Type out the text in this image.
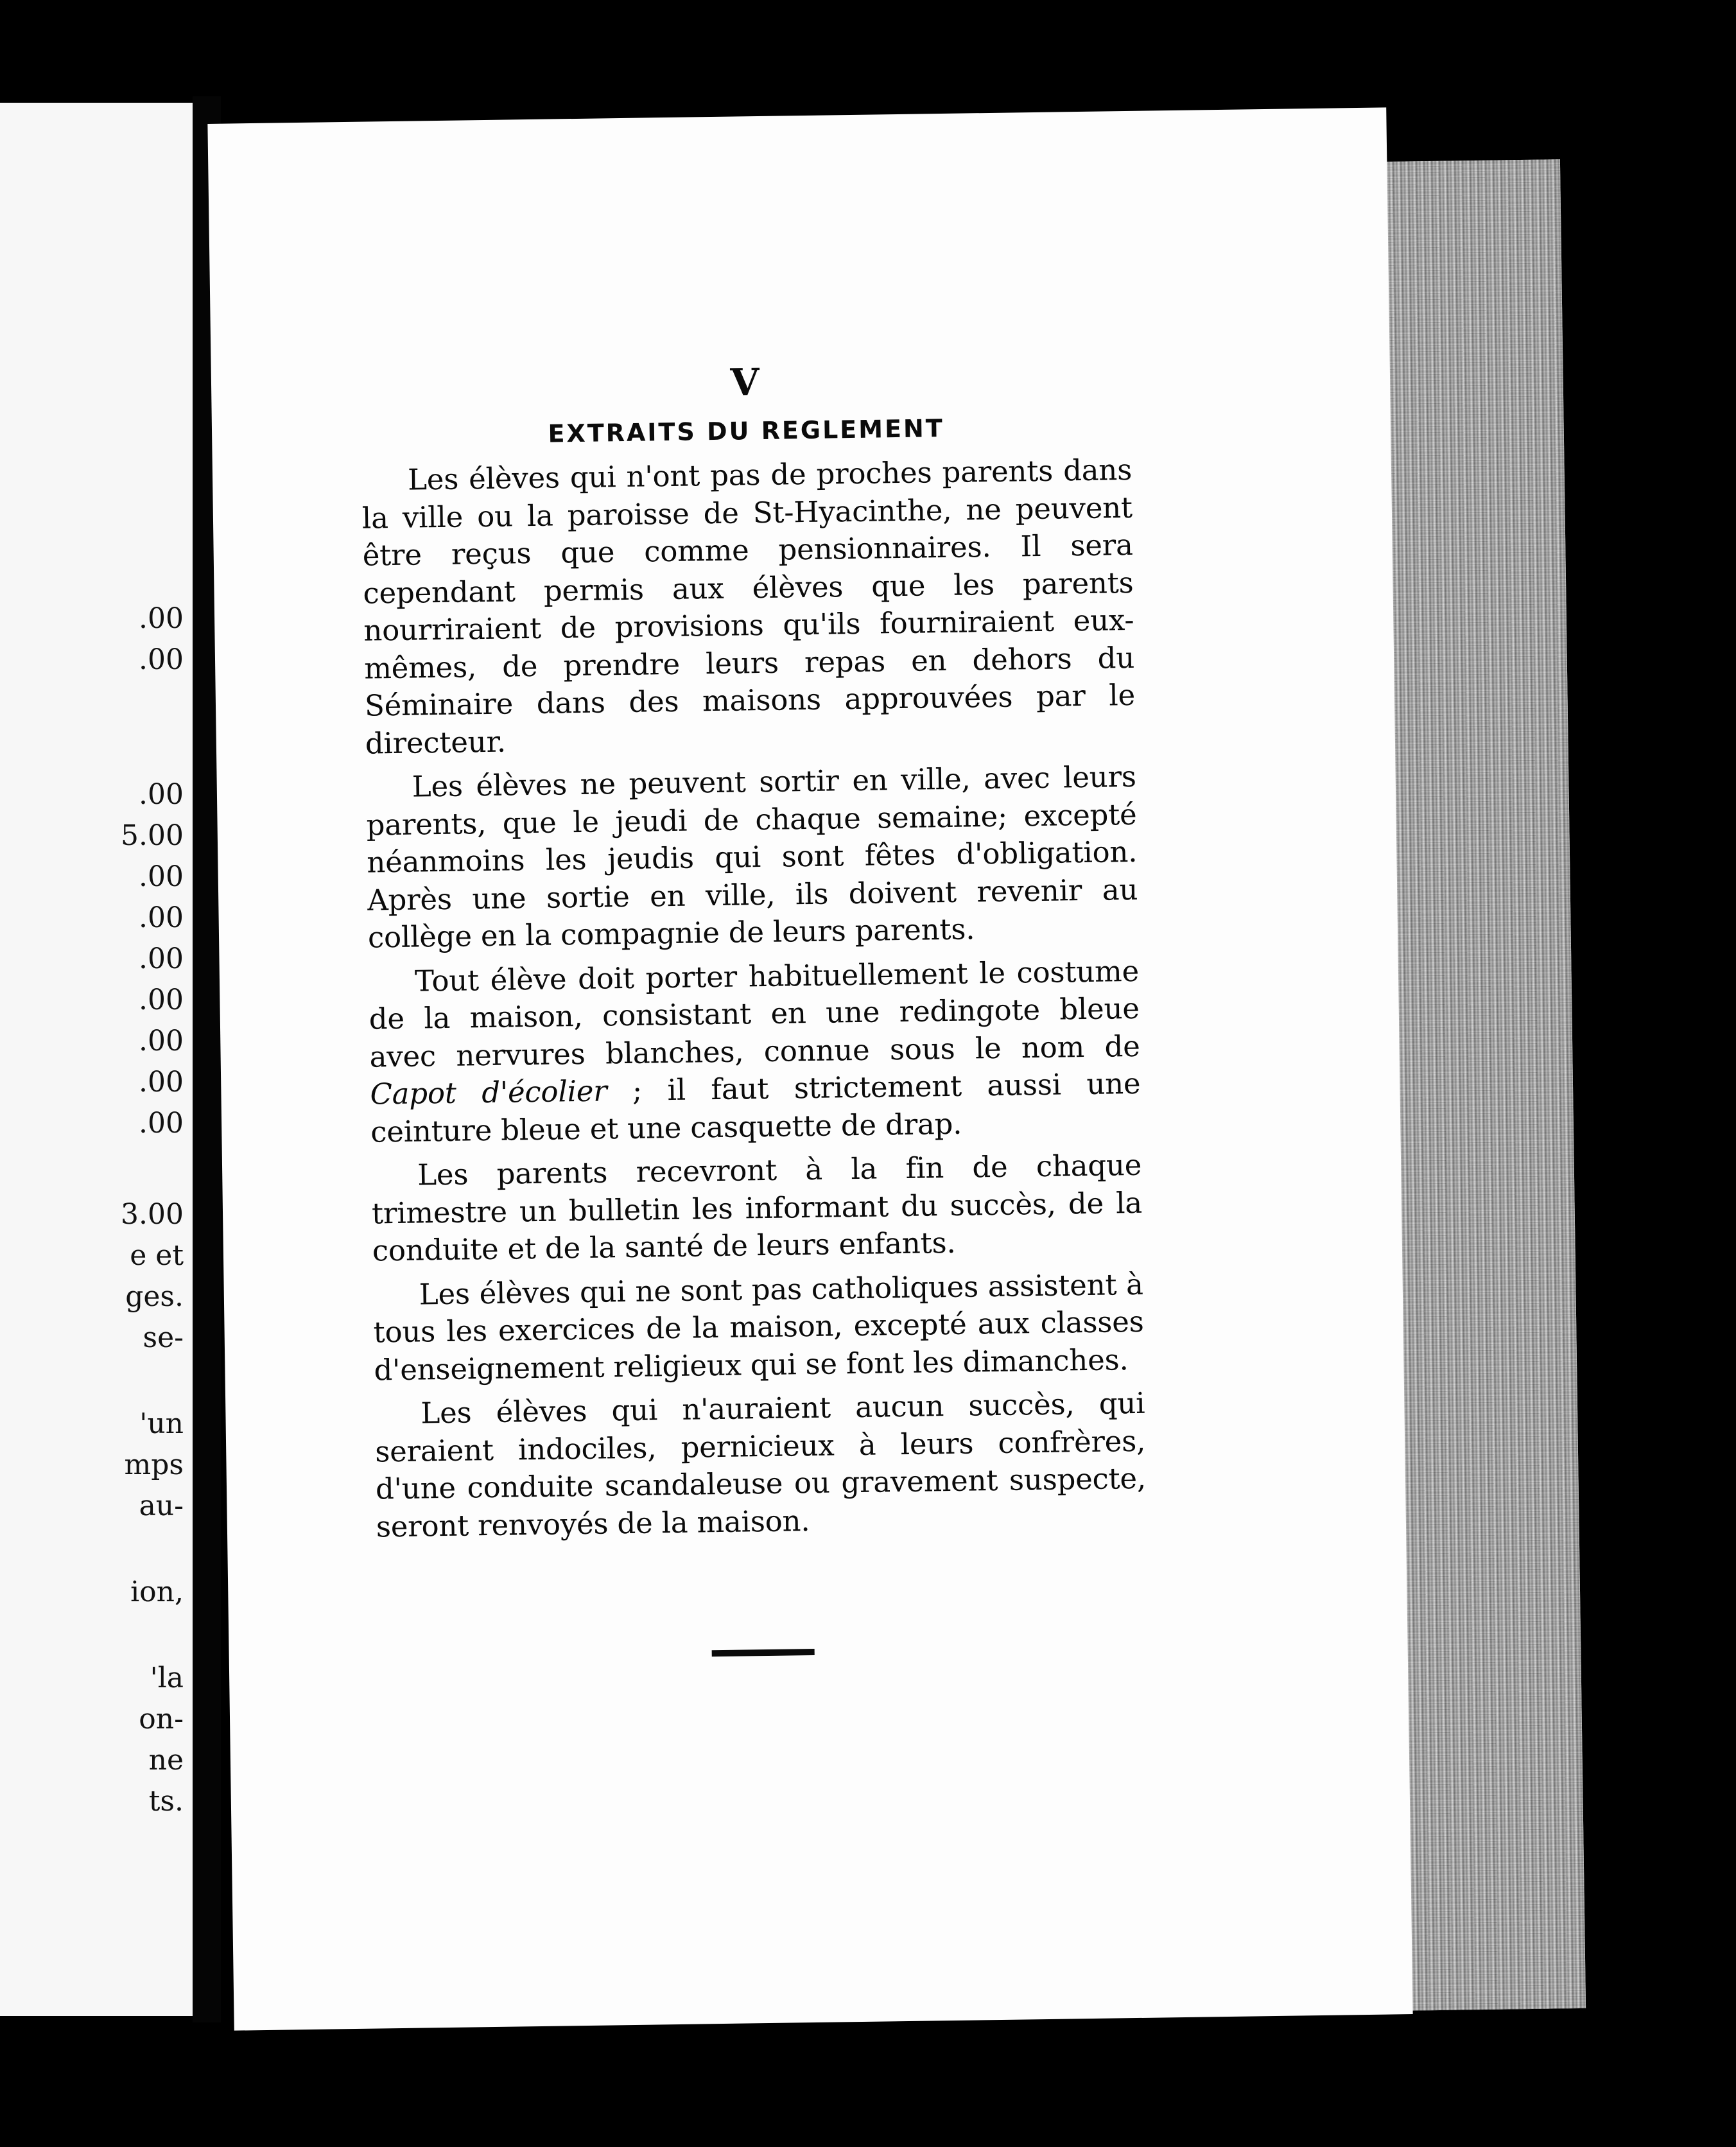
.00
.00
.00
5.00
.00
.00
.00
.00
.00
.00
.00
3.00
e et
ges.
se-
'un
mps
au-
ion,
'la
on-
ne
ts.
V
EXTRAITS DU REGLEMENT

Les élèves qui n'ont pas de proches parents dans la ville ou la paroisse de St-Hyacinthe, ne peuvent être reçus que comme pensionnaires. Il sera cependant permis aux élèves que les parents nourriraient de provisions qu'ils fourniraient eux-mêmes, de prendre leurs repas en dehors du Séminaire dans des maisons approuvées par le directeur.

Les élèves ne peuvent sortir en ville, avec leurs parents, que le jeudi de chaque semaine; excepté néanmoins les jeudis qui sont fêtes d'obligation. Après une sortie en ville, ils doivent revenir au collège en la compagnie de leurs parents.

Tout élève doit porter habituellement le costume de la maison, consistant en une redingote bleue avec nervures blanches, connue sous le nom de Capot d'écolier ; il faut strictement aussi une ceinture bleue et une casquette de drap.

Les parents recevront à la fin de chaque trimestre un bulletin les informant du succès, de la conduite et de la santé de leurs enfants.

Les élèves qui ne sont pas catholiques assistent à tous les exercices de la maison, excepté aux classes d'enseignement religieux qui se font les dimanches.

Les élèves qui n'auraient aucun succès, qui seraient indociles, pernicieux à leurs confrères, d'une conduite scandaleuse ou gravement suspecte, seront renvoyés de la maison.
